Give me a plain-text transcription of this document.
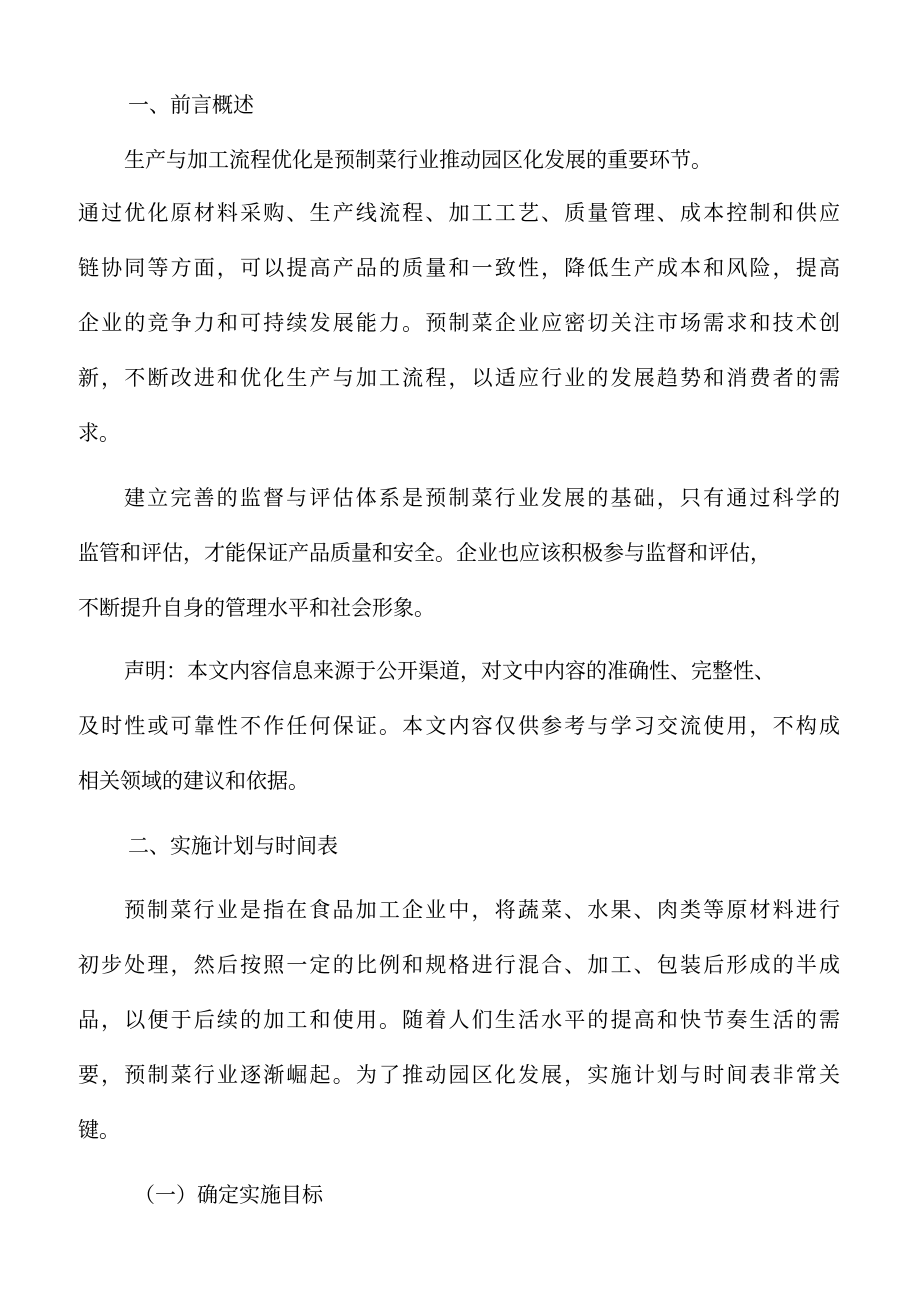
一、前言概述

生产与加工流程优化是预制菜行业推动园区化发展的重要环节。

通过优化原材料采购、生产线流程、加工工艺、质量管理、成本控制和供应

链协同等方面，可以提高产品的质量和一致性，降低生产成本和风险，提高

企业的竞争力和可持续发展能力。预制菜企业应密切关注市场需求和技术创

新，不断改进和优化生产与加工流程，以适应行业的发展趋势和消费者的需

求。

建立完善的监督与评估体系是预制菜行业发展的基础，只有通过科学的

监管和评估，才能保证产品质量和安全。企业也应该积极参与监督和评估，

不断提升自身的管理水平和社会形象。

声明：本文内容信息来源于公开渠道，对文中内容的准确性、完整性、

及时性或可靠性不作任何保证。本文内容仅供参考与学习交流使用，不构成

相关领域的建议和依据。

二、实施计划与时间表

预制菜行业是指在食品加工企业中，将蔬菜、水果、肉类等原材料进行

初步处理，然后按照一定的比例和规格进行混合、加工、包装后形成的半成

品，以便于后续的加工和使用。随着人们生活水平的提高和快节奏生活的需

要，预制菜行业逐渐崛起。为了推动园区化发展，实施计划与时间表非常关

键。

（一）确定实施目标
